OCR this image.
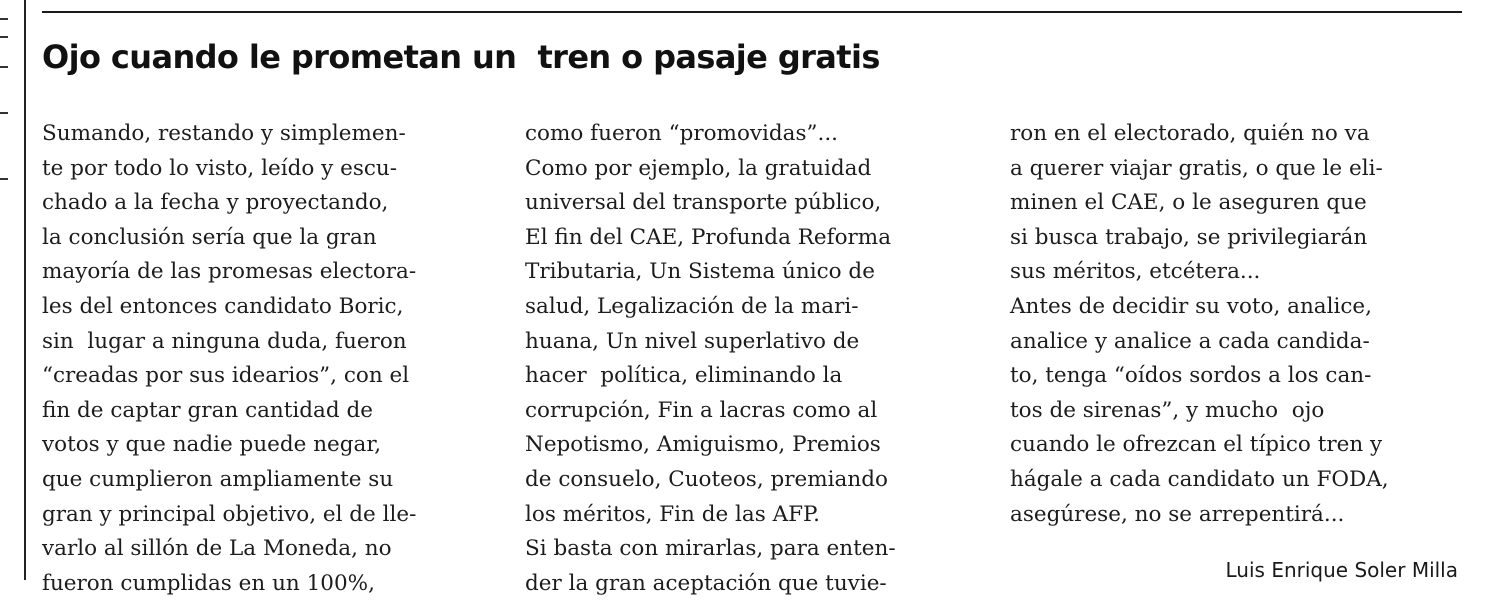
Ojo cuando le prometan un  tren o pasaje gratis
Sumando, restando y simplemen-
te por todo lo visto, leído y escu-
chado a la fecha y proyectando,
la conclusión sería que la gran
mayoría de las promesas electora-
les del entonces candidato Boric,
sin  lugar a ninguna duda, fueron
“creadas por sus idearios”, con el
fin de captar gran cantidad de
votos y que nadie puede negar,
que cumplieron ampliamente su
gran y principal objetivo, el de lle-
varlo al sillón de La Moneda, no
fueron cumplidas en un 100%,
como fueron “promovidas”...
Como por ejemplo, la gratuidad
universal del transporte público,
El fin del CAE, Profunda Reforma
Tributaria, Un Sistema único de
salud, Legalización de la mari-
huana, Un nivel superlativo de
hacer  política, eliminando la
corrupción, Fin a lacras como al
Nepotismo, Amiguismo, Premios
de consuelo, Cuoteos, premiando
los méritos, Fin de las AFP.
Si basta con mirarlas, para enten-
der la gran aceptación que tuvie-
ron en el electorado, quién no va
a querer viajar gratis, o que le eli-
minen el CAE, o le aseguren que
si busca trabajo, se privilegiarán
sus méritos, etcétera...
Antes de decidir su voto, analice,
analice y analice a cada candida-
to, tenga “oídos sordos a los can-
tos de sirenas”, y mucho  ojo
cuando le ofrezcan el típico tren y
hágale a cada candidato un FODA,
asegúrese, no se arrepentirá...
Luis Enrique Soler Milla
